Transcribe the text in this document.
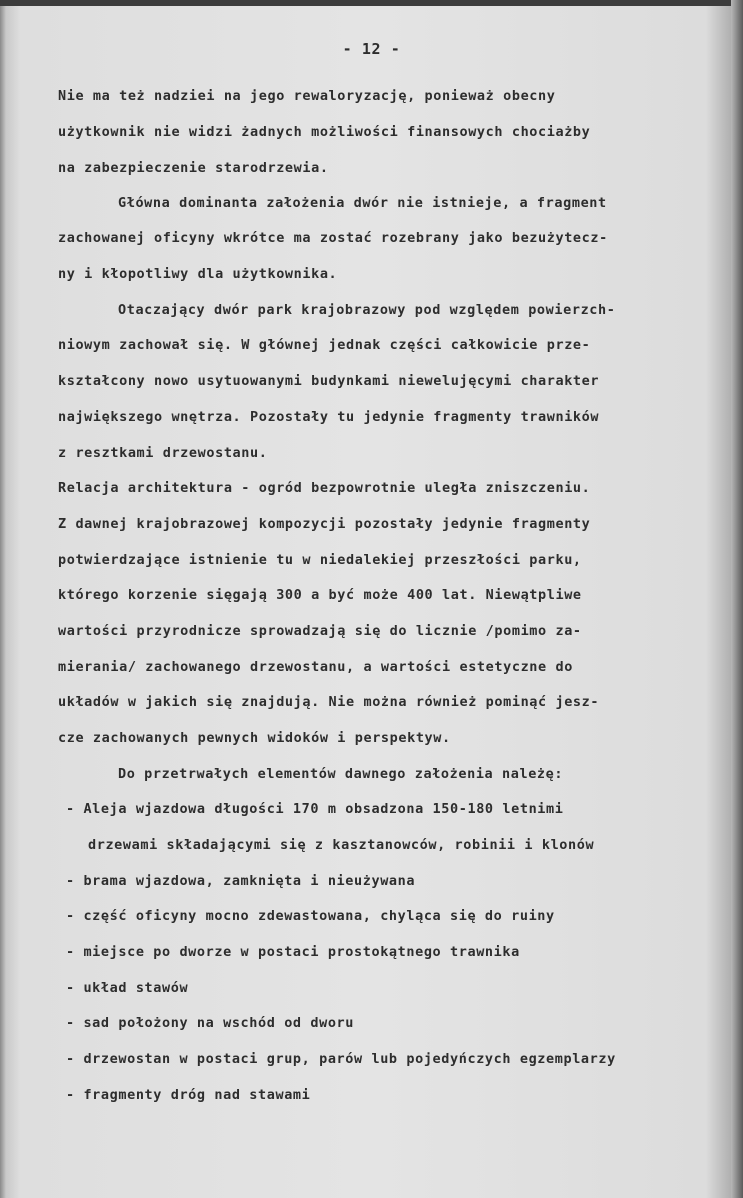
- 12 -
Nie ma też nadziei na jego rewaloryzację, ponieważ obecny
użytkownik nie widzi żadnych możliwości finansowych chociażby
na zabezpieczenie starodrzewia.
Główna dominanta założenia dwór nie istnieje, a fragment
zachowanej oficyny wkrótce ma zostać rozebrany jako bezużytecz-
ny i kłopotliwy dla użytkownika.
Otaczający dwór park krajobrazowy pod względem powierzch-
niowym zachował się. W głównej jednak części całkowicie prze-
kształcony nowo usytuowanymi budynkami niewelujęcymi charakter
największego wnętrza. Pozostały tu jedynie fragmenty trawników
z resztkami drzewostanu.
Relacja architektura - ogród bezpowrotnie uległa zniszczeniu.
Z dawnej krajobrazowej kompozycji pozostały jedynie fragmenty
potwierdzające istnienie tu w niedalekiej przeszłości parku,
którego korzenie sięgają 300 a być może 400 lat. Niewątpliwe
wartości przyrodnicze sprowadzają się do licznie /pomimo za-
mierania/ zachowanego drzewostanu, a wartości estetyczne do
układów w jakich się znajdują. Nie można również pominąć jesz-
cze zachowanych pewnych widoków i perspektyw.
Do przetrwałych elementów dawnego założenia należę:
- Aleja wjazdowa długości 170 m obsadzona 150-180 letnimi
drzewami składającymi się z kasztanowców, robinii i klonów
- brama wjazdowa, zamknięta i nieużywana
- część oficyny mocno zdewastowana, chyląca się do ruiny
- miejsce po dworze w postaci prostokątnego trawnika
- układ stawów
- sad położony na wschód od dworu
- drzewostan w postaci grup, parów lub pojedyńczych egzemplarzy
- fragmenty dróg nad stawami
